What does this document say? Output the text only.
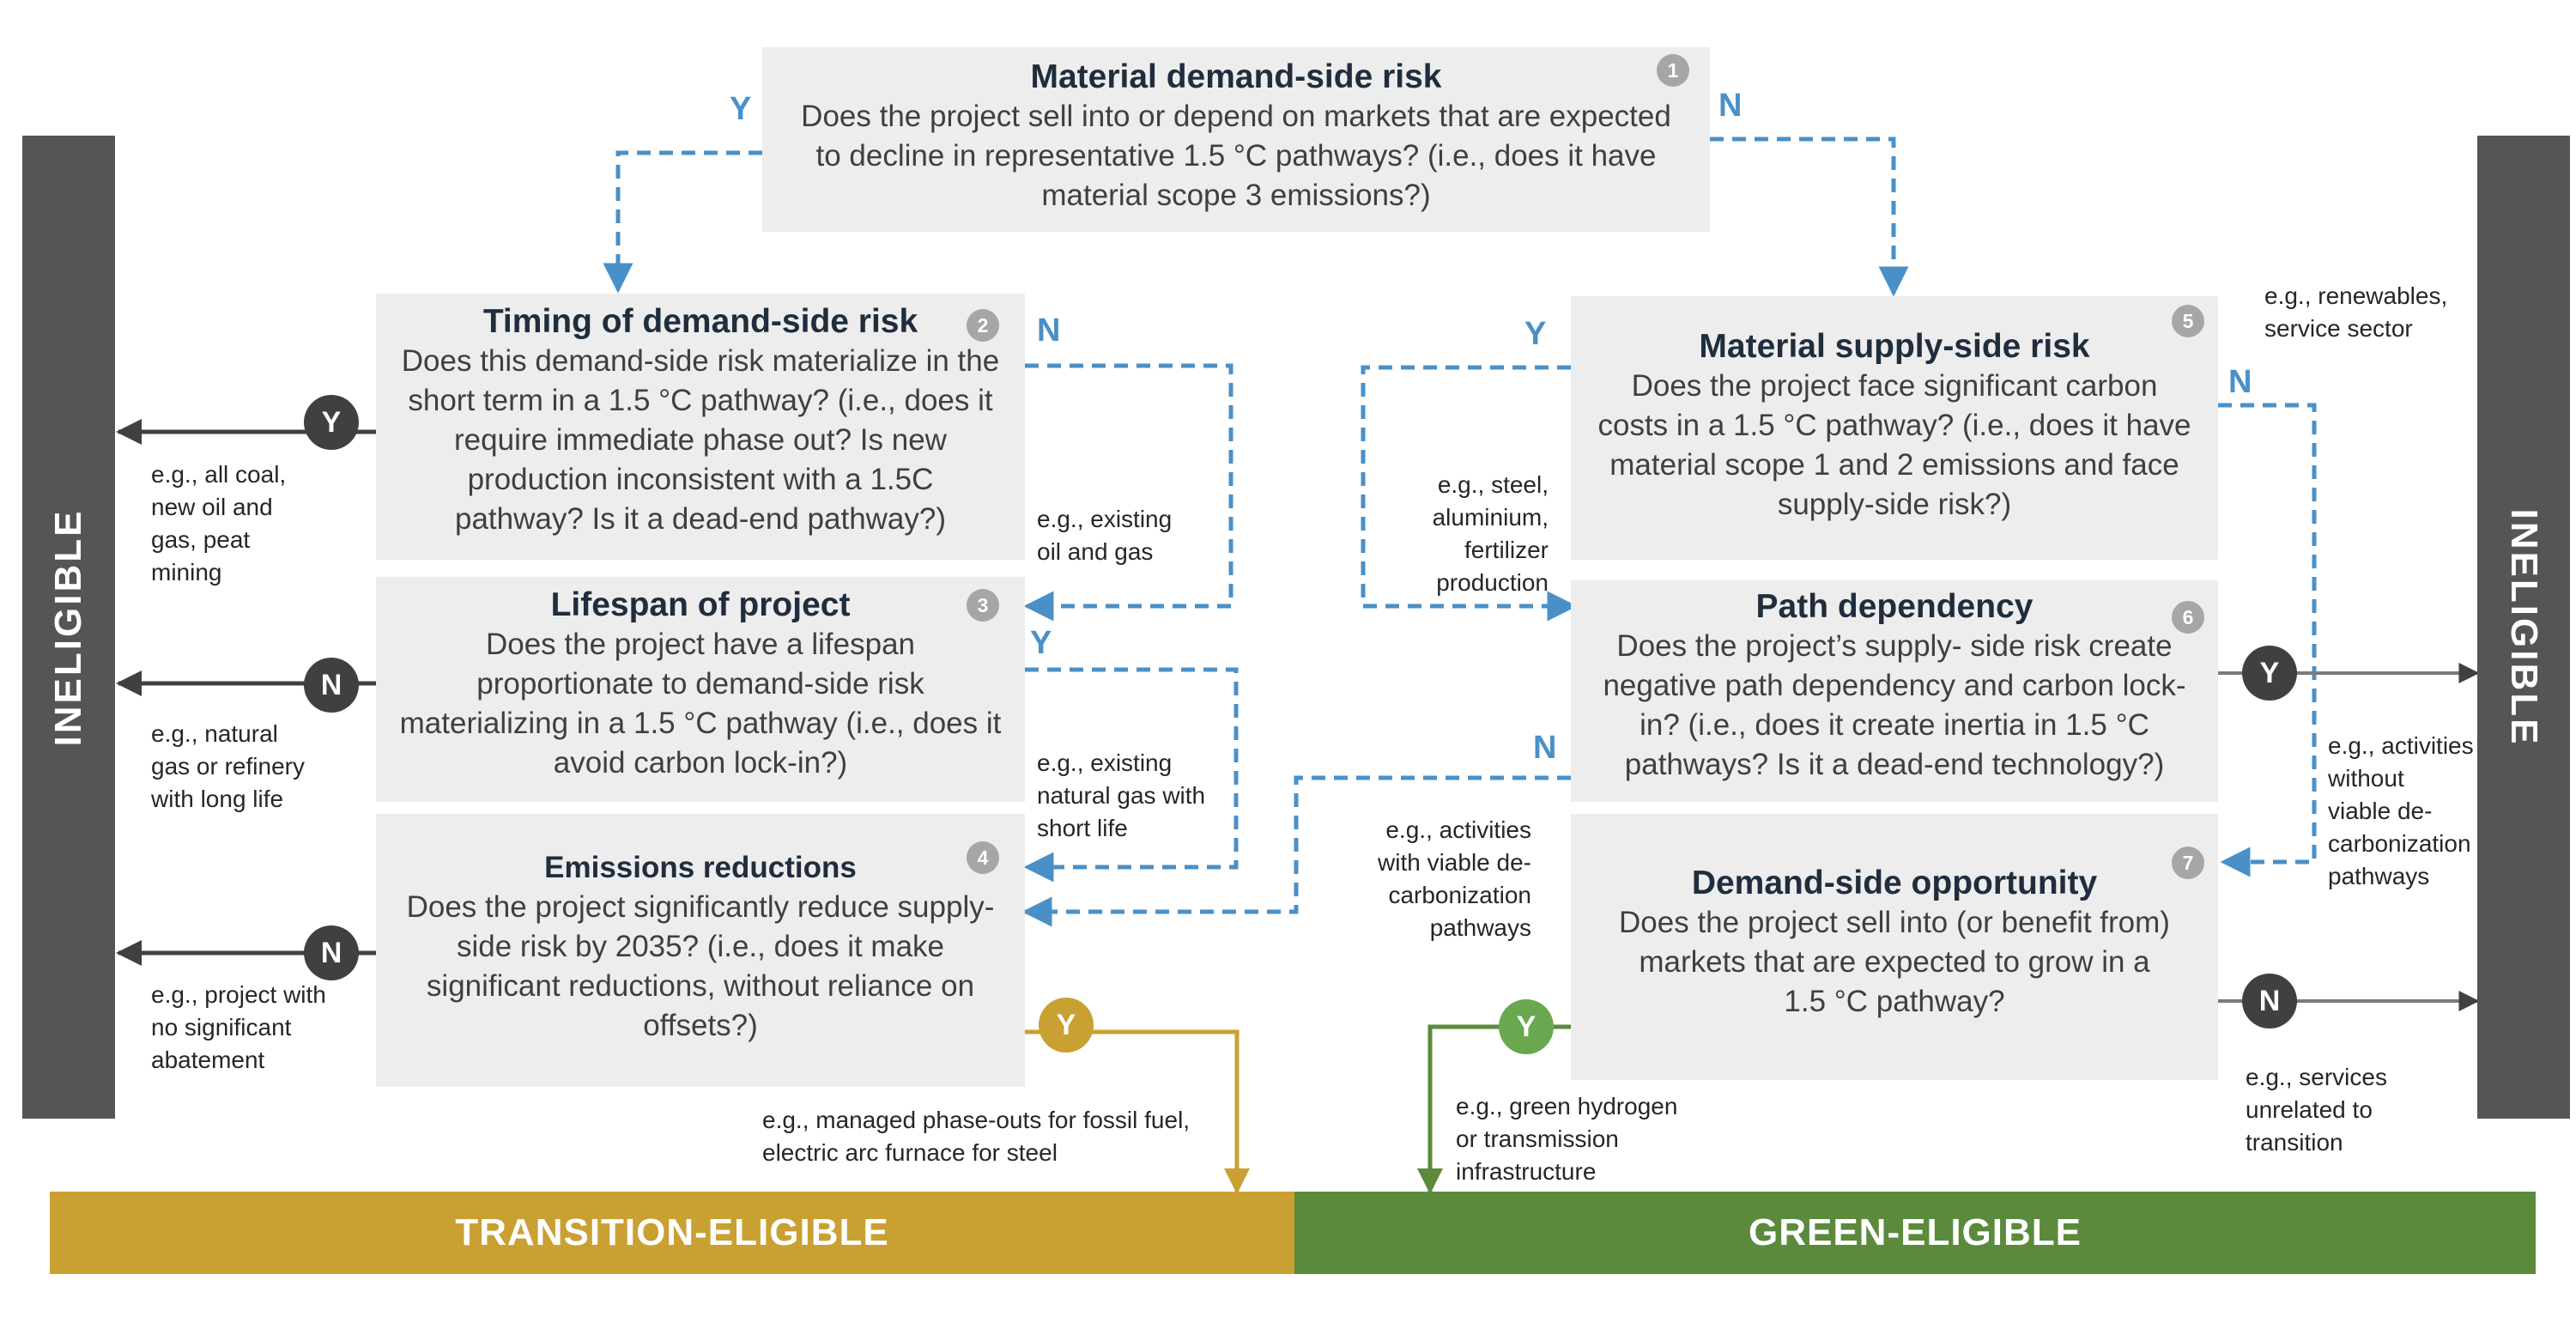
INELIGIBLE	INELIGIBLE
Material demand-side risk
Does the project sell into or depend on markets that are expected
to decline in representative 1.5 °C pathways? (i.e., does it have
material scope 3 emissions?)
1
Timing of demand-side risk
Does this demand-side risk materialize in the
short term in a 1.5 °C pathway? (i.e., does it
require immediate phase out? Is new
production inconsistent with a 1.5C
pathway? Is it a dead-end pathway?)
2
Lifespan of project
Does the project have a lifespan
proportionate to demand-side risk
materializing in a 1.5 °C pathway (i.e., does it
avoid carbon lock-in?)
3
Emissions reductions
Does the project significantly reduce supply-
side risk by 2035? (i.e., does it make
significant reductions, without reliance on
offsets?)
4
Material supply-side risk
Does the project face significant carbon
costs in a 1.5 °C pathway? (i.e., does it have
material scope 1 and 2 emissions and face
supply-side risk?)
5
Path dependency
Does the project’s supply- side risk create
negative path dependency and carbon lock-
in? (i.e., does it create inertia in 1.5 °C
pathways? Is it a dead-end technology?)
6
Demand-side opportunity
Does the project sell into (or benefit from)
markets that are expected to grow in a
1.5 °C pathway?
7
Y	N
N
Y
Y
N
N
Y
N
N
Y
Y
Y
N
e.g., all coal,
new oil and
gas, peat
mining
e.g., natural
gas or refinery
with long life
e.g., project with
no significant
abatement
e.g., existing
oil and gas
e.g., existing
natural gas with
short life
e.g., managed phase-outs for fossil fuel,
electric arc furnace for steel
e.g., steel,
aluminium,
fertilizer
production
e.g., activities
with viable de-
carbonization
pathways
e.g., renewables,
service sector
e.g., activities
without
viable de-
carbonization
pathways
e.g., green hydrogen
or transmission
infrastructure
e.g., services
unrelated to
transition
TRANSITION-ELIGIBLE	GREEN-ELIGIBLE
